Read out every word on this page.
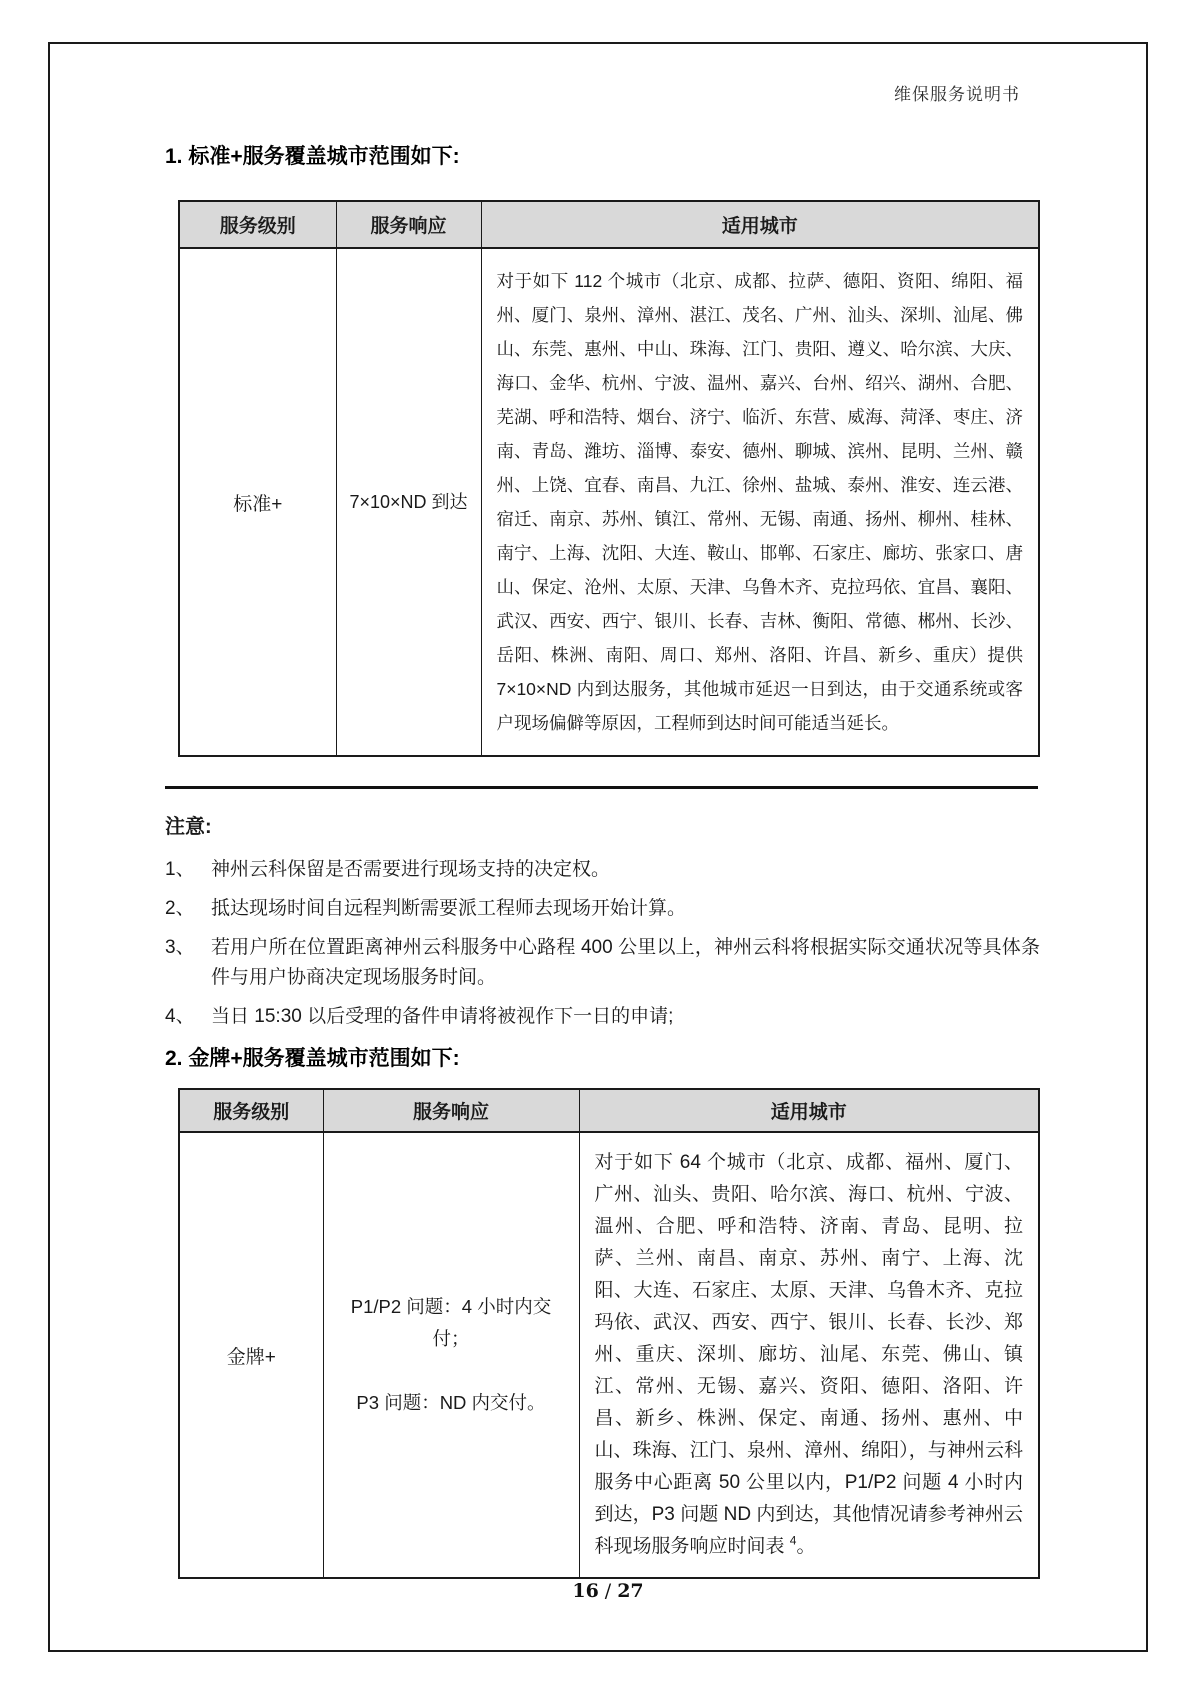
维保服务说明书
1. 标准+服务覆盖城市范围如下:
服务级别	服务响应	适用城市
标准+	7×10×ND 到达	对于如下 112 个城市（北京、成都、拉萨、德阳、资阳、绵阳、福州、厦门、泉州、漳州、湛江、茂名、广州、汕头、深圳、汕尾、佛山、东莞、惠州、中山、珠海、江门、贵阳、遵义、哈尔滨、大庆、海口、金华、杭州、宁波、温州、嘉兴、台州、绍兴、湖州、合肥、芜湖、呼和浩特、烟台、济宁、临沂、东营、威海、菏泽、枣庄、济南、青岛、潍坊、淄博、泰安、德州、聊城、滨州、昆明、兰州、赣州、上饶、宜春、南昌、九江、徐州、盐城、泰州、淮安、连云港、宿迁、南京、苏州、镇江、常州、无锡、南通、扬州、柳州、桂林、南宁、上海、沈阳、大连、鞍山、邯郸、石家庄、廊坊、张家口、唐山、保定、沧州、太原、天津、乌鲁木齐、克拉玛依、宜昌、襄阳、武汉、西安、西宁、银川、长春、吉林、衡阳、常德、郴州、长沙、岳阳、株洲、南阳、周口、郑州、洛阳、许昌、新乡、重庆）提供 7×10×ND 内到达服务，其他城市延迟一日到达，由于交通系统或客户现场偏僻等原因，工程师到达时间可能适当延长。

注意:

1、 神州云科保留是否需要进行现场支持的决定权。
2、 抵达现场时间自远程判断需要派工程师去现场开始计算。
3、 若用户所在位置距离神州云科服务中心路程 400 公里以上，神州云科将根据实际交通状况等具体条件与用户协商决定现场服务时间。
4、 当日 15:30 以后受理的备件申请将被视作下一日的申请;
2. 金牌+服务覆盖城市范围如下:
服务级别	服务响应	适用城市
金牌+	P1/P2 问题：4 小时内交付；

P3 问题：ND 内交付。	对于如下 64 个城市（北京、成都、福州、厦门、广州、汕头、贵阳、哈尔滨、海口、杭州、宁波、温州、合肥、呼和浩特、济南、青岛、昆明、拉萨、兰州、南昌、南京、苏州、南宁、上海、沈阳、大连、石家庄、太原、天津、乌鲁木齐、克拉玛依、武汉、西安、西宁、银川、长春、长沙、郑州、重庆、深圳、廊坊、汕尾、东莞、佛山、镇江、常州、无锡、嘉兴、资阳、德阳、洛阳、许昌、新乡、株洲、保定、南通、扬州、惠州、中山、珠海、江门、泉州、漳州、绵阳），与神州云科服务中心距离 50 公里以内，P1/P2 问题 4 小时内到达，P3 问题 ND 内到达，其他情况请参考神州云科现场服务响应时间表 $^4$。
16 / 27
